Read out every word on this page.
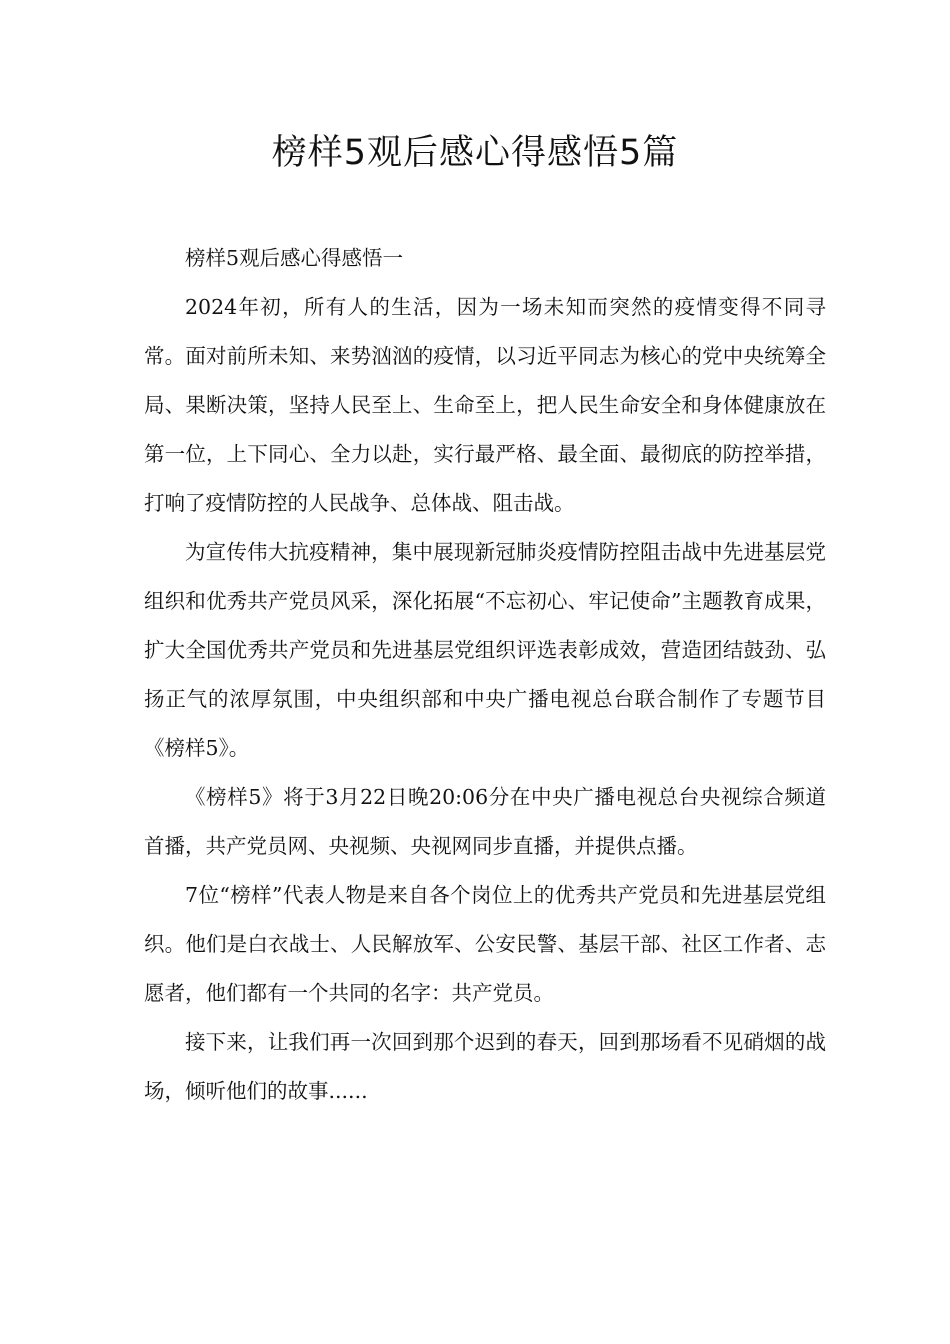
榜样5观后感心得感悟5篇

榜样5观后感心得感悟一

2024年初，所有人的生活，因为一场未知而突然的疫情变得不同寻常。面对前所未知、来势汹汹的疫情，以习近平同志为核心的党中央统筹全局、果断决策，坚持人民至上、生命至上，把人民生命安全和身体健康放在第一位，上下同心、全力以赴，实行最严格、最全面、最彻底的防控举措，打响了疫情防控的人民战争、总体战、阻击战。

为宣传伟大抗疫精神，集中展现新冠肺炎疫情防控阻击战中先进基层党组织和优秀共产党员风采，深化拓展“不忘初心、牢记使命”主题教育成果，扩大全国优秀共产党员和先进基层党组织评选表彰成效，营造团结鼓劲、弘扬正气的浓厚氛围，中央组织部和中央广播电视总台联合制作了专题节目《榜样5》。

《榜样5》将于3月22日晚20:06分在中央广播电视总台央视综合频道首播，共产党员网、央视频、央视网同步直播，并提供点播。

7位“榜样”代表人物是来自各个岗位上的优秀共产党员和先进基层党组织。他们是白衣战士、人民解放军、公安民警、基层干部、社区工作者、志愿者，他们都有一个共同的名字：共产党员。

接下来，让我们再一次回到那个迟到的春天，回到那场看不见硝烟的战场，倾听他们的故事......
